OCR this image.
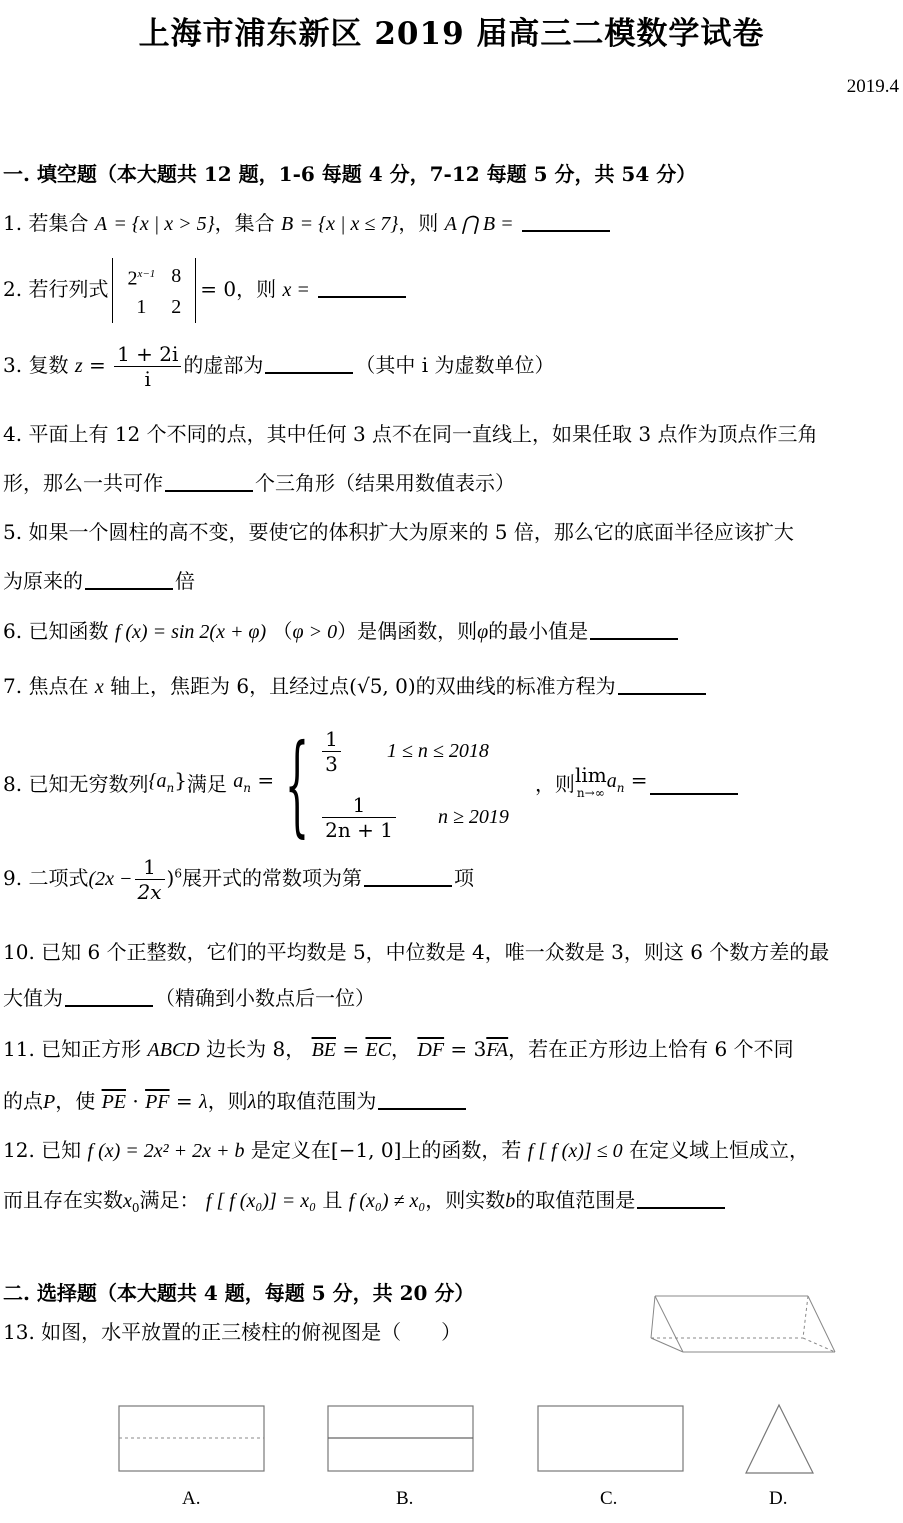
上海市浦东新区 2019 届高三二模数学试卷
2019.4
一. 填空题（本大题共 12 题，1-6 每题 4 分，7-12 每题 5 分，共 54 分）
1. 若集合 A = {x | x > 5}，集合 B = {x | x ≤ 7}，则 A ⋂ B =
2. 若行列式 $2^{x-1}$	8
1	2
= 0，则 x =
3. 复数 $z = \frac{1 + 2i}{i}$ 的虚部为	（其中 i 为虚数单位）
4. 平面上有 12 个不同的点，其中任何 3 点不在同一直线上，如果任取 3 点作为顶点作三角
形，那么一共可作	个三角形（结果用数值表示）
5. 如果一个圆柱的高不变，要使它的体积扩大为原来的 5 倍，那么它的底面半径应该扩大
为原来的	倍
6. 已知函数 f (x) = sin 2(x + φ) （φ > 0）是偶函数，则φ的最小值是
7. 焦点在 x 轴上，焦距为 6，且经过点(√5, 0)的双曲线的标准方程为
8. 已知无穷数列$\{a_n\}$满足 $a_n$ ={ $\frac{1}{3} 1 \le n \le 2018$
$\frac{1}{2n + 1}$ n ≥ 2019
，则lim
n→∞
$a_n$ =
9. 二项式$(2x - \frac{1}{2x} )^6$展开式的常数项为第	项
10. 已知 6 个正整数，它们的平均数是 5，中位数是 4，唯一众数是 3，则这 6 个数方差的最
大值为	（精确到小数点后一位）
11. 已知正方形 ABCD 边长为 8， $\overline{BE} = \overline{EC}$， $\overline{DF} = 3\overline{FA}$，若在正方形边上恰有 6 个不同
的点P，使 $\overline{PE} \cdot \overline{PF} = \lambda$，则λ的取值范围为
12. 已知 f (x) = 2x² + 2x + b 是定义在[−1, 0]上的函数，若 f [ f (x)] ≤ 0 在定义域上恒成立，
而且存在实数$x_0$满足： f [ f (x₀)] = x₀ 且 f (x₀) ≠ x₀，则实数b的取值范围是
二. 选择题（本大题共 4 题，每题 5 分，共 20 分）
13. 如图，水平放置的正三棱柱的俯视图是（　　）
A.	B.	C.	D.
